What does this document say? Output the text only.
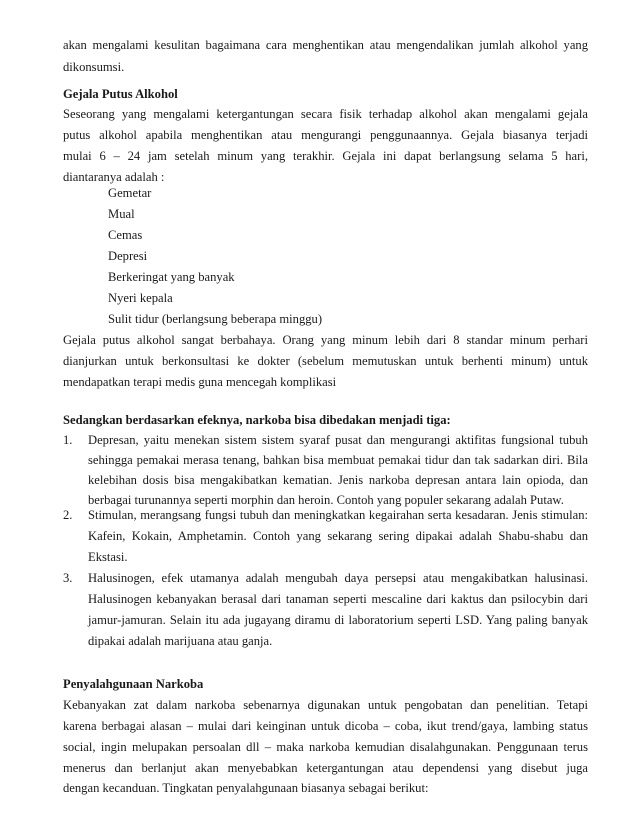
akan mengalami kesulitan bagaimana cara menghentikan atau mengendalikan jumlah alkohol yang
dikonsumsi.
Gejala Putus Alkohol
Seseorang yang mengalami ketergantungan secara fisik terhadap alkohol akan mengalami gejala
putus alkohol apabila menghentikan atau mengurangi penggunaannya. Gejala biasanya terjadi
mulai 6 – 24 jam setelah minum yang terakhir. Gejala ini dapat berlangsung selama 5 hari,
diantaranya adalah :
Gemetar
Mual
Cemas
Depresi
Berkeringat yang banyak
Nyeri kepala
Sulit tidur (berlangsung beberapa minggu)
Gejala putus alkohol sangat berbahaya. Orang yang minum lebih dari 8 standar minum perhari
dianjurkan untuk berkonsultasi ke dokter (sebelum memutuskan untuk berhenti minum) untuk
mendapatkan terapi medis guna mencegah komplikasi
Sedangkan berdasarkan efeknya, narkoba bisa dibedakan menjadi tiga:
1. Depresan, yaitu menekan sistem sistem syaraf pusat dan mengurangi aktifitas fungsional tubuh
sehingga pemakai merasa tenang, bahkan bisa membuat pemakai tidur dan tak sadarkan diri. Bila
kelebihan dosis bisa mengakibatkan kematian. Jenis narkoba depresan antara lain opioda, dan
berbagai turunannya seperti morphin dan heroin. Contoh yang populer sekarang adalah Putaw.
2. Stimulan, merangsang fungsi tubuh dan meningkatkan kegairahan serta kesadaran. Jenis stimulan:
Kafein, Kokain, Amphetamin. Contoh yang sekarang sering dipakai adalah Shabu-shabu dan
Ekstasi.
3. Halusinogen, efek utamanya adalah mengubah daya persepsi atau mengakibatkan halusinasi.
Halusinogen kebanyakan berasal dari tanaman seperti mescaline dari kaktus dan psilocybin dari
jamur-jamuran. Selain itu ada jugayang diramu di laboratorium seperti LSD. Yang paling banyak
dipakai adalah marijuana atau ganja.
Penyalahgunaan Narkoba
Kebanyakan zat dalam narkoba sebenarnya digunakan untuk pengobatan dan penelitian. Tetapi
karena berbagai alasan – mulai dari keinginan untuk dicoba – coba, ikut trend/gaya, lambing status
social, ingin melupakan persoalan dll – maka narkoba kemudian disalahgunakan. Penggunaan terus
menerus dan berlanjut akan menyebabkan ketergantungan atau dependensi yang disebut juga
dengan kecanduan. Tingkatan penyalahgunaan biasanya sebagai berikut:
